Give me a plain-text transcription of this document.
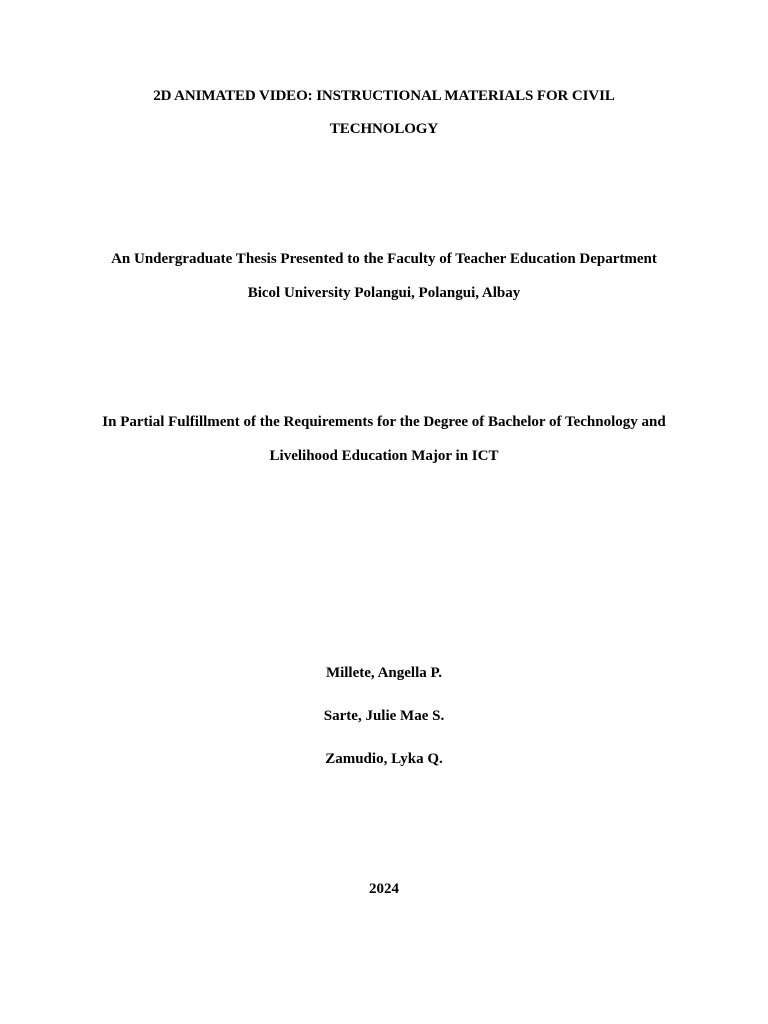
2D ANIMATED VIDEO: INSTRUCTIONAL MATERIALS FOR CIVIL
TECHNOLOGY
An Undergraduate Thesis Presented to the Faculty of Teacher Education Department
Bicol University Polangui, Polangui, Albay
In Partial Fulfillment of the Requirements for the Degree of Bachelor of Technology and
Livelihood Education Major in ICT
Millete, Angella P.
Sarte, Julie Mae S.
Zamudio, Lyka Q.
2024
